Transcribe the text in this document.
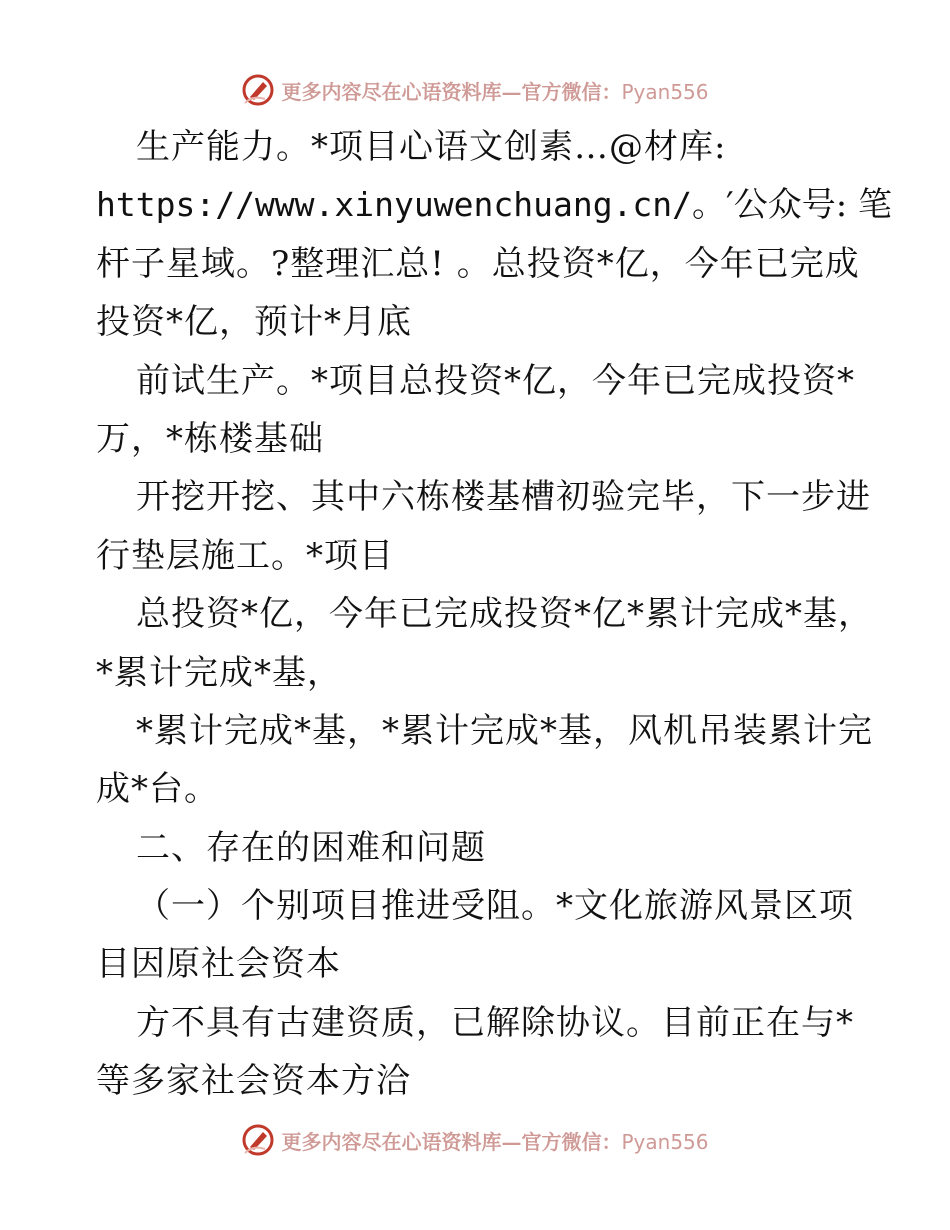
更多内容尽在心语资料库—官方微信：Pyan556
生产能力。*项目心语文创素…@材库:
https://www.xinyuwenchuang.cn/。′公众号: 笔
杆子星域。?整理汇总! 。总投资*亿，今年已完成
投资*亿，预计*月底
前试生产。*项目总投资*亿，今年已完成投资*
万，*栋楼基础
开挖开挖、其中六栋楼基槽初验完毕，下一步进
行垫层施工。*项目
总投资*亿，今年已完成投资*亿*累计完成*基，
*累计完成*基，
*累计完成*基，*累计完成*基，风机吊装累计完
成*台。
二、存在的困难和问题
（一）个别项目推进受阻。*文化旅游风景区项
目因原社会资本
方不具有古建资质，已解除协议。目前正在与*
等多家社会资本方洽
更多内容尽在心语资料库—官方微信：Pyan556
